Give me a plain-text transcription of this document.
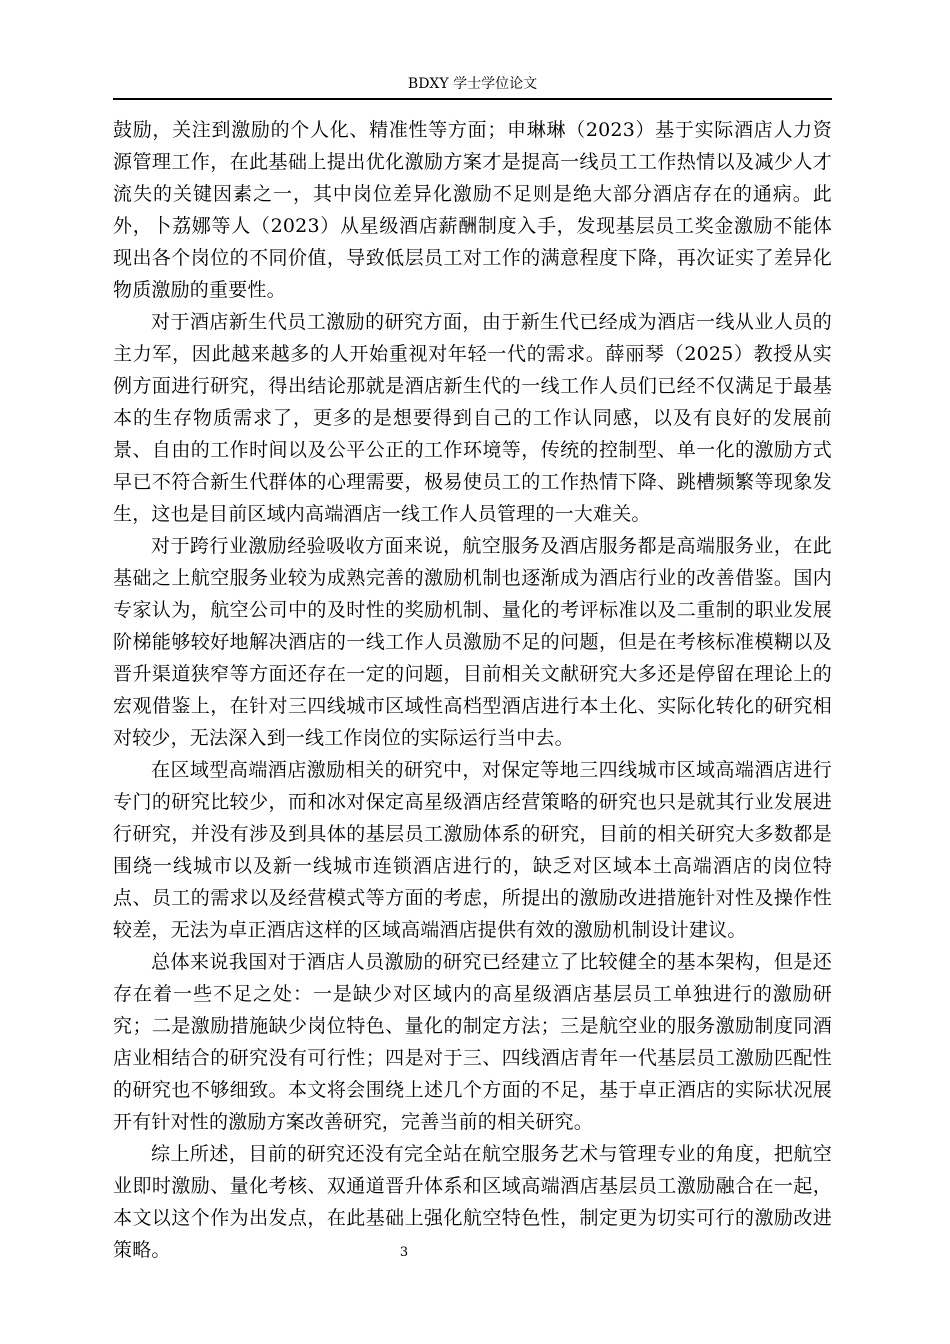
BDXY 学士学位论文

鼓励，关注到激励的个人化、精准性等方面；申琳琳（2023）基于实际酒店人力资源管理工作，在此基础上提出优化激励方案才是提高一线员工工作热情以及减少人才流失的关键因素之一，其中岗位差异化激励不足则是绝大部分酒店存在的通病。此外，卜荔娜等人（2023）从星级酒店薪酬制度入手，发现基层员工奖金激励不能体现出各个岗位的不同价值，导致低层员工对工作的满意程度下降，再次证实了差异化物质激励的重要性。

对于酒店新生代员工激励的研究方面，由于新生代已经成为酒店一线从业人员的主力军，因此越来越多的人开始重视对年轻一代的需求。薛丽琴（2025）教授从实例方面进行研究，得出结论那就是酒店新生代的一线工作人员们已经不仅满足于最基本的生存物质需求了，更多的是想要得到自己的工作认同感，以及有良好的发展前景、自由的工作时间以及公平公正的工作环境等，传统的控制型、单一化的激励方式早已不符合新生代群体的心理需要，极易使员工的工作热情下降、跳槽频繁等现象发生，这也是目前区域内高端酒店一线工作人员管理的一大难关。

对于跨行业激励经验吸收方面来说，航空服务及酒店服务都是高端服务业，在此基础之上航空服务业较为成熟完善的激励机制也逐渐成为酒店行业的改善借鉴。国内专家认为，航空公司中的及时性的奖励机制、量化的考评标准以及二重制的职业发展阶梯能够较好地解决酒店的一线工作人员激励不足的问题，但是在考核标准模糊以及晋升渠道狭窄等方面还存在一定的问题，目前相关文献研究大多还是停留在理论上的宏观借鉴上，在针对三四线城市区域性高档型酒店进行本土化、实际化转化的研究相对较少，无法深入到一线工作岗位的实际运行当中去。

在区域型高端酒店激励相关的研究中，对保定等地三四线城市区域高端酒店进行专门的研究比较少，而和冰对保定高星级酒店经营策略的研究也只是就其行业发展进行研究，并没有涉及到具体的基层员工激励体系的研究，目前的相关研究大多数都是围绕一线城市以及新一线城市连锁酒店进行的，缺乏对区域本土高端酒店的岗位特点、员工的需求以及经营模式等方面的考虑，所提出的激励改进措施针对性及操作性较差，无法为卓正酒店这样的区域高端酒店提供有效的激励机制设计建议。

总体来说我国对于酒店人员激励的研究已经建立了比较健全的基本架构，但是还存在着一些不足之处：一是缺少对区域内的高星级酒店基层员工单独进行的激励研究；二是激励措施缺少岗位特色、量化的制定方法；三是航空业的服务激励制度同酒店业相结合的研究没有可行性；四是对于三、四线酒店青年一代基层员工激励匹配性的研究也不够细致。本文将会围绕上述几个方面的不足，基于卓正酒店的实际状况展开有针对性的激励方案改善研究，完善当前的相关研究。

综上所述，目前的研究还没有完全站在航空服务艺术与管理专业的角度，把航空业即时激励、量化考核、双通道晋升体系和区域高端酒店基层员工激励融合在一起，本文以这个作为出发点，在此基础上强化航空特色性，制定更为切实可行的激励改进策略。	3
